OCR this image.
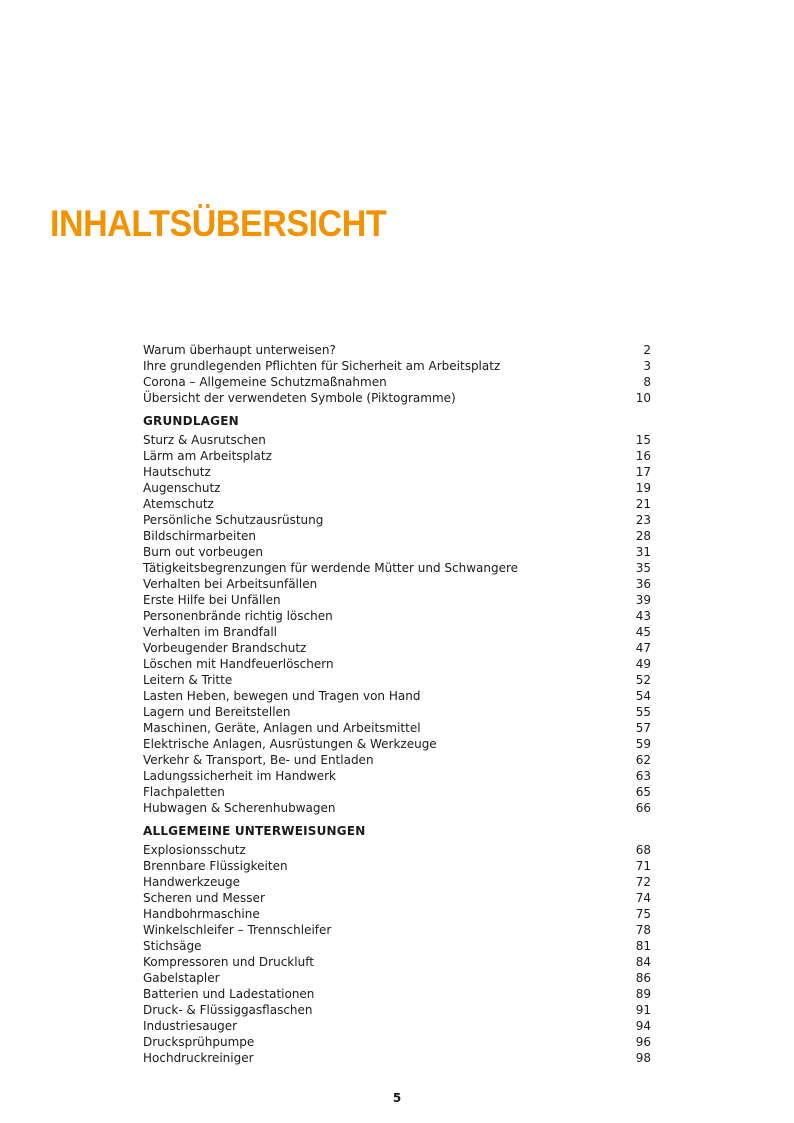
INHALTSÜBERSICHT
Warum überhaupt unterweisen?	2
Ihre grundlegenden Pflichten für Sicherheit am Arbeitsplatz	3
Corona – Allgemeine Schutzmaßnahmen	8
Übersicht der verwendeten Symbole (Piktogramme)	10
GRUNDLAGEN
Sturz & Ausrutschen	15
Lärm am Arbeitsplatz	16
Hautschutz	17
Augenschutz	19
Atemschutz	21
Persönliche Schutzausrüstung	23
Bildschirmarbeiten	28
Burn out vorbeugen	31
Tätigkeitsbegrenzungen für werdende Mütter und Schwangere	35
Verhalten bei Arbeitsunfällen	36
Erste Hilfe bei Unfällen	39
Personenbrände richtig löschen	43
Verhalten im Brandfall	45
Vorbeugender Brandschutz	47
Löschen mit Handfeuerlöschern	49
Leitern & Tritte	52
Lasten Heben, bewegen und Tragen von Hand	54
Lagern und Bereitstellen	55
Maschinen, Geräte, Anlagen und Arbeitsmittel	57
Elektrische Anlagen, Ausrüstungen & Werkzeuge	59
Verkehr & Transport, Be- und Entladen	62
Ladungssicherheit im Handwerk	63
Flachpaletten	65
Hubwagen & Scherenhubwagen	66
ALLGEMEINE UNTERWEISUNGEN
Explosionsschutz	68
Brennbare Flüssigkeiten	71
Handwerkzeuge	72
Scheren und Messer	74
Handbohrmaschine	75
Winkelschleifer – Trennschleifer	78
Stichsäge	81
Kompressoren und Druckluft	84
Gabelstapler	86
Batterien und Ladestationen	89
Druck- & Flüssiggasflaschen	91
Industriesauger	94
Drucksprühpumpe	96
Hochdruckreiniger	98
5
